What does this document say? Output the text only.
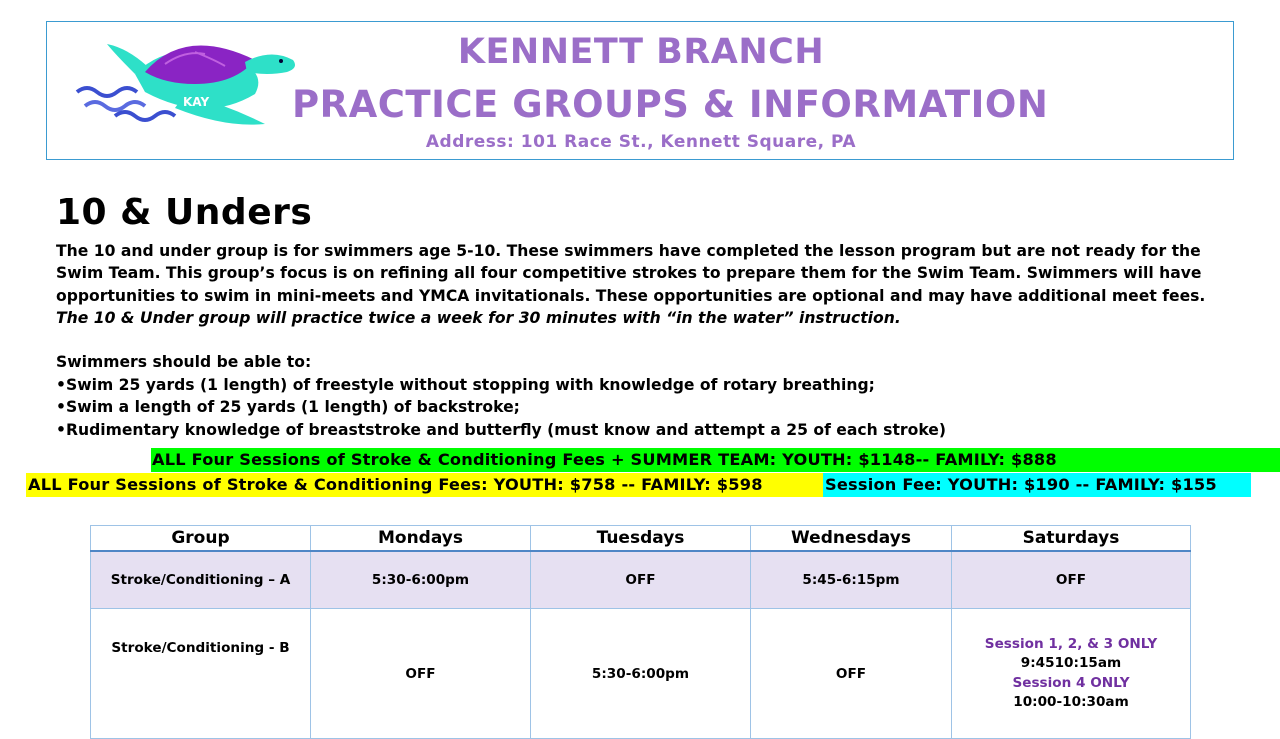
KAY
KENNETT BRANCH
PRACTICE GROUPS & INFORMATION
Address: 101 Race St., Kennett Square, PA
10 & Unders
The 10 and under group is for swimmers age 5-10. These swimmers have completed the lesson program but are not ready for the Swim Team. This group’s focus is on refining all four competitive strokes to prepare them for the Swim Team. Swimmers will have opportunities to swim in mini-meets and YMCA invitationals. These opportunities are optional and may have additional meet fees.    The 10 & Under group will practice twice a week for 30 minutes with “in the water” instruction.
Swimmers should be able to:
•Swim 25 yards (1 length) of freestyle without stopping with knowledge of rotary breathing;
•Swim a length of 25 yards (1 length) of backstroke;
•Rudimentary knowledge of breaststroke and butterfly (must know and attempt a 25 of each stroke)
ALL Four Sessions of Stroke & Conditioning Fees + SUMMER TEAM: YOUTH: $1148-- FAMILY: $888
ALL Four Sessions of Stroke & Conditioning Fees: YOUTH: $758 -- FAMILY: $598	Session Fee: YOUTH: $190 -- FAMILY: $155
Group	Mondays	Tuesdays	Wednesdays	Saturdays
Stroke/Conditioning – A	5:30-6:00pm	OFF	5:45-6:15pm	OFF
Stroke/Conditioning - B	OFF	5:30-6:00pm	OFF	Session 1, 2, & 3 ONLY
9:4510:15am
Session 4 ONLY
10:00-10:30am
